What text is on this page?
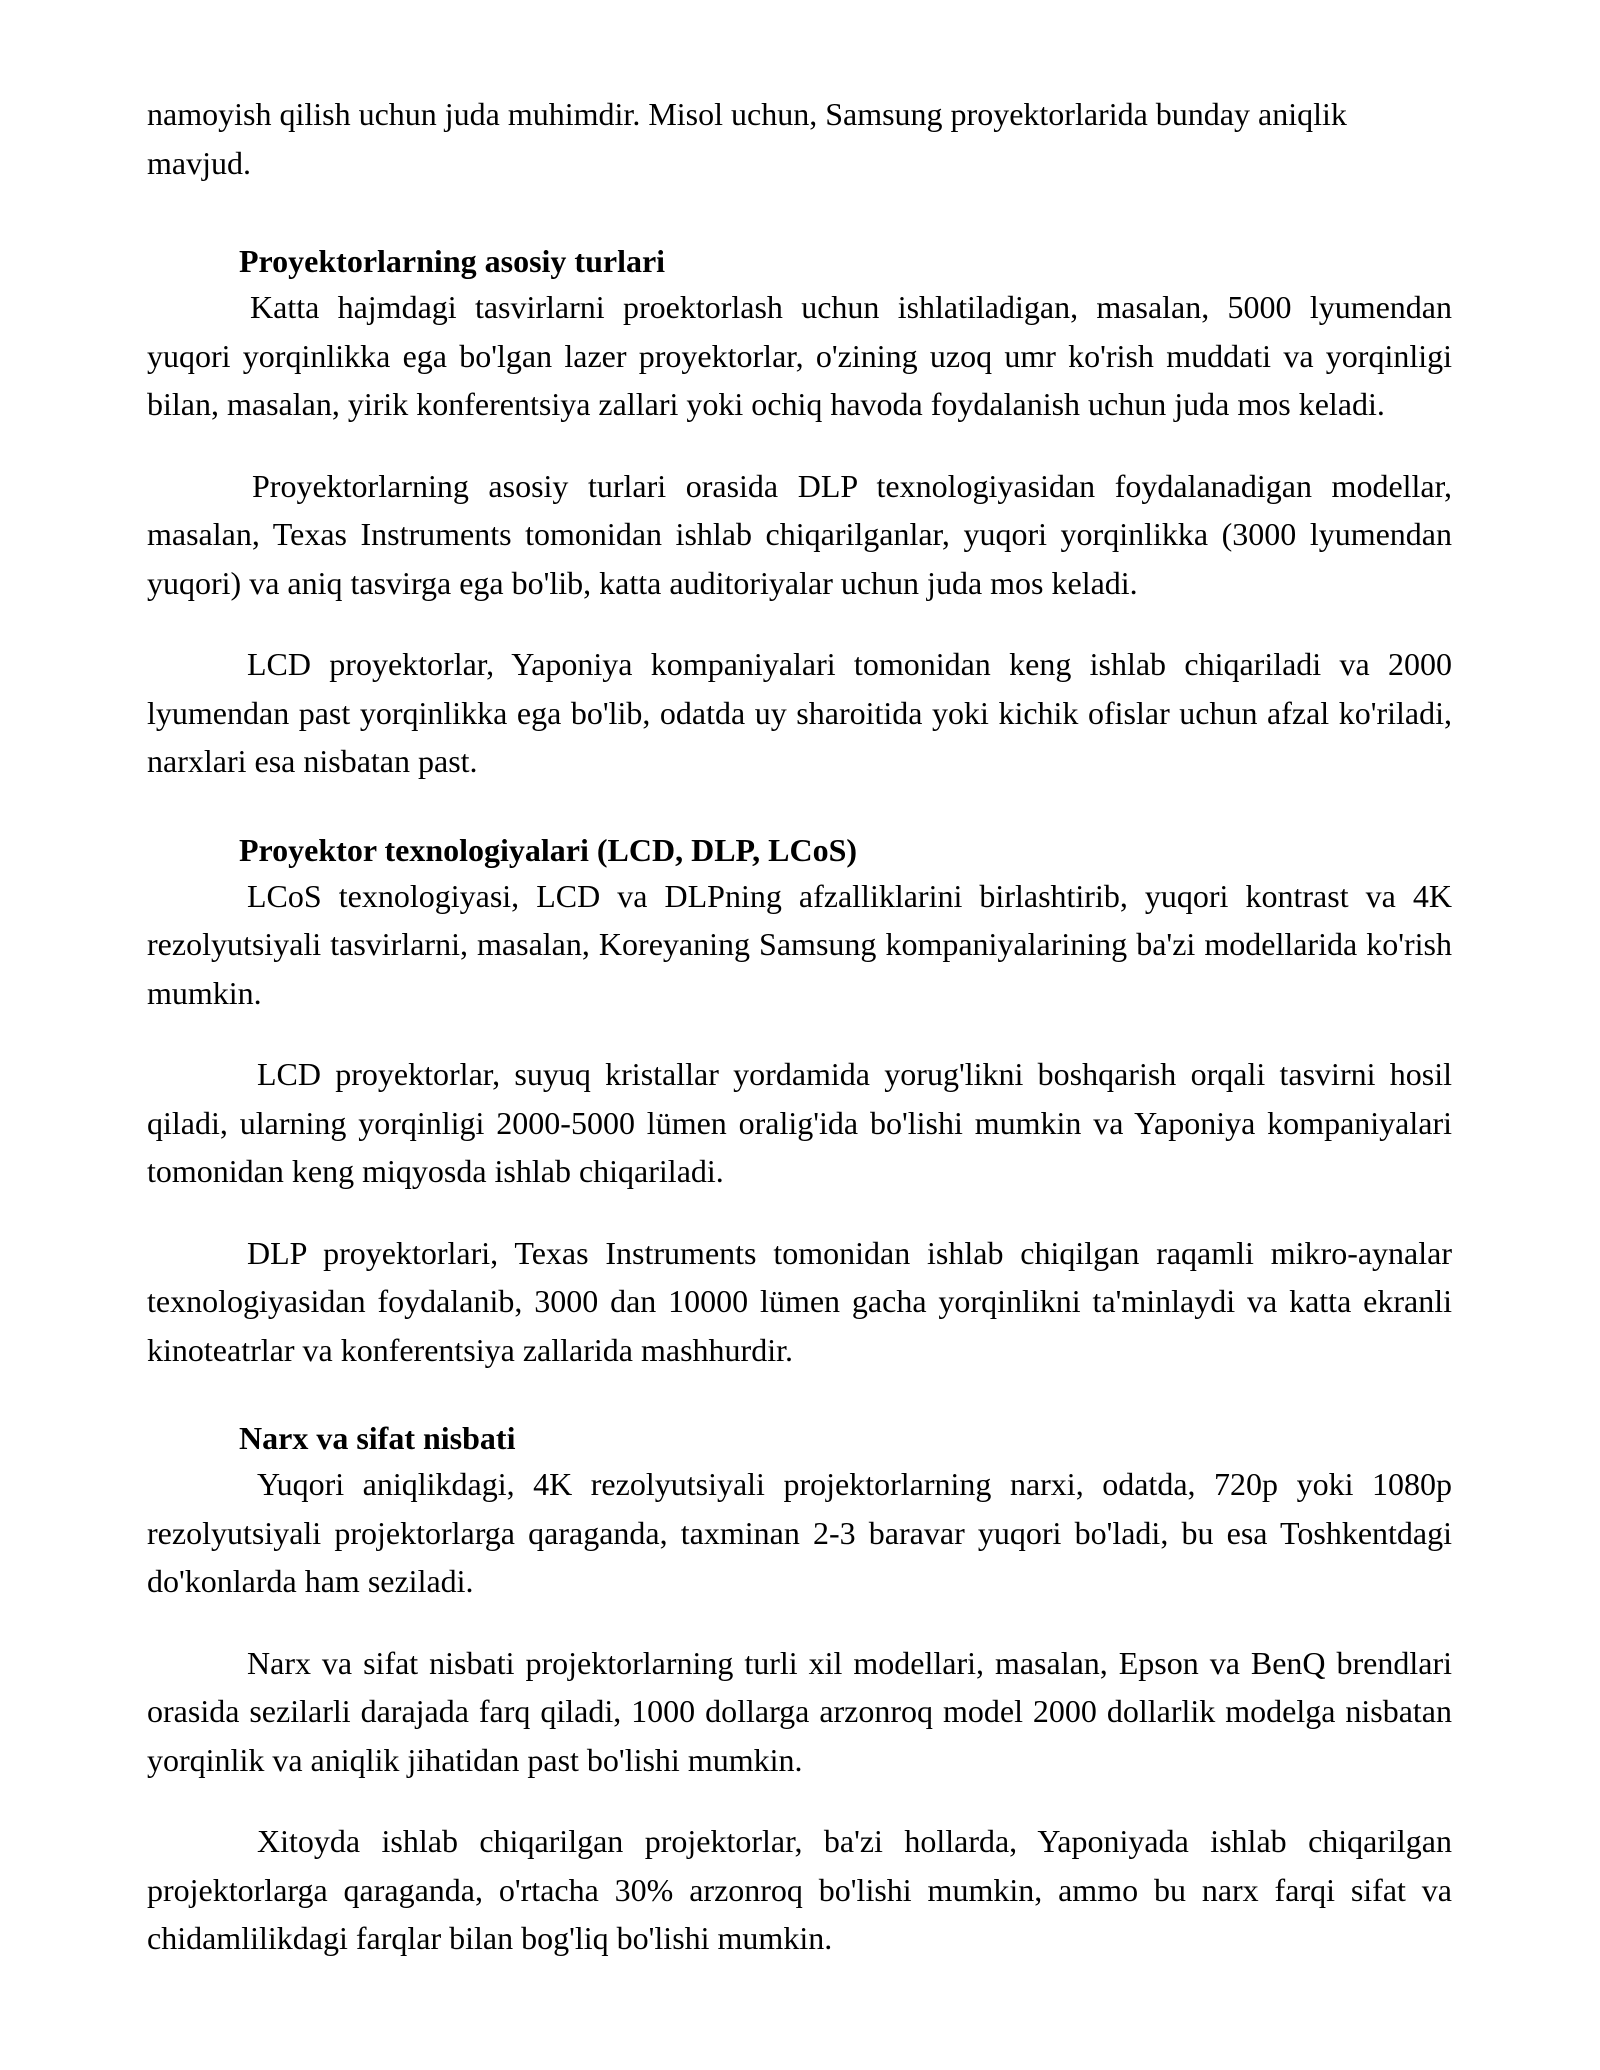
namoyish qilish uchun juda muhimdir. Misol uchun, Samsung proyektorlarida bunday aniqlik mavjud.

Proyektorlarning asosiy turlari

Katta hajmdagi tasvirlarni proektorlash uchun ishlatiladigan, masalan, 5000 lyumendan yuqori yorqinlikka ega bo'lgan lazer proyektorlar, o'zining uzoq umr ko'rish muddati va yorqinligi bilan, masalan, yirik konferentsiya zallari yoki ochiq havoda foydalanish uchun juda mos keladi.

Proyektorlarning asosiy turlari orasida DLP texnologiyasidan foydalanadigan modellar, masalan, Texas Instruments tomonidan ishlab chiqarilganlar, yuqori yorqinlikka (3000 lyumendan yuqori) va aniq tasvirga ega bo'lib, katta auditoriyalar uchun juda mos keladi.

LCD proyektorlar, Yaponiya kompaniyalari tomonidan keng ishlab chiqariladi va 2000 lyumendan past yorqinlikka ega bo'lib, odatda uy sharoitida yoki kichik ofislar uchun afzal ko'riladi, narxlari esa nisbatan past.

Proyektor texnologiyalari (LCD, DLP, LCoS)

LCoS texnologiyasi, LCD va DLPning afzalliklarini birlashtirib, yuqori kontrast va 4K rezolyutsiyali tasvirlarni, masalan, Koreyaning Samsung kompaniyalarining ba'zi modellarida ko'rish mumkin.

LCD proyektorlar, suyuq kristallar yordamida yorug'likni boshqarish orqali tasvirni hosil qiladi, ularning yorqinligi 2000-5000 lümen oralig'ida bo'lishi mumkin va Yaponiya kompaniyalari tomonidan keng miqyosda ishlab chiqariladi.

DLP proyektorlari, Texas Instruments tomonidan ishlab chiqilgan raqamli mikro-aynalar texnologiyasidan foydalanib, 3000 dan 10000 lümen gacha yorqinlikni ta'minlaydi va katta ekranli kinoteatrlar va konferentsiya zallarida mashhurdir.

Narx va sifat nisbati

Yuqori aniqlikdagi, 4K rezolyutsiyali projektorlarning narxi, odatda, 720p yoki 1080p rezolyutsiyali projektorlarga qaraganda, taxminan 2-3 baravar yuqori bo'ladi, bu esa Toshkentdagi do'konlarda ham seziladi.

Narx va sifat nisbati projektorlarning turli xil modellari, masalan, Epson va BenQ brendlari orasida sezilarli darajada farq qiladi, 1000 dollarga arzonroq model 2000 dollarlik modelga nisbatan yorqinlik va aniqlik jihatidan past bo'lishi mumkin.

Xitoyda ishlab chiqarilgan projektorlar, ba'zi hollarda, Yaponiyada ishlab chiqarilgan projektorlarga qaraganda, o'rtacha 30% arzonroq bo'lishi mumkin, ammo bu narx farqi sifat va chidamlilikdagi farqlar bilan bog'liq bo'lishi mumkin.
